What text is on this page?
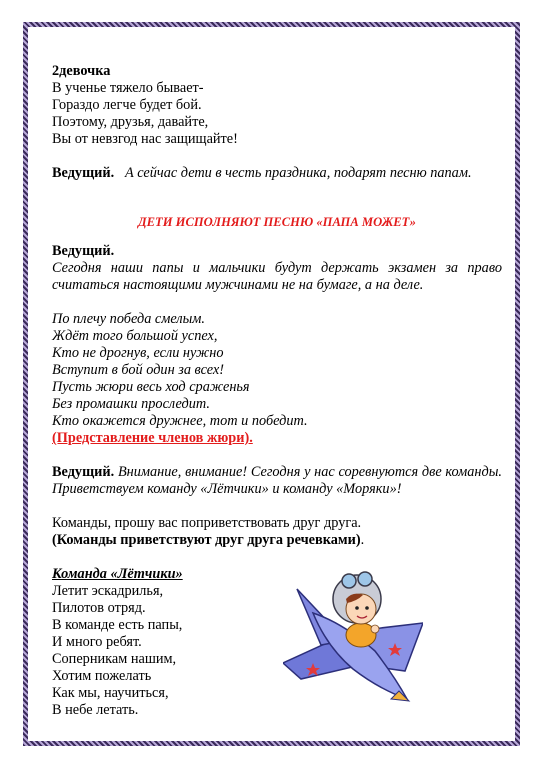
2девочка

В ученье тяжело бывает-

Гораздо легче будет бой.

Поэтому, друзья, давайте,

Вы от невзгод нас защищайте!

Ведущий. А сейчас дети в честь праздника, подарят песню папам.

ДЕТИ ИСПОЛНЯЮТ ПЕСНЮ «ПАПА МОЖЕТ»

Ведущий.

Сегодня наши папы и мальчики будут держать экзамен за право считаться настоящими мужчинами не на бумаге, а на деле.

По плечу победа смелым.

Ждёт того большой успех,

Кто не дрогнув, если нужно

Вступит в бой один за всех!

Пусть жюри весь ход сраженья

Без промашки проследит.

Кто окажется дружнее, тот и победит.

(Представление членов жюри).

Ведущий. Внимание, внимание! Сегодня у нас соревнуются две команды. Приветствуем команду «Лётчики» и команду «Моряки»!

Команды, прошу вас поприветствовать друг друга.

(Команды приветствуют друг друга речевками).

Команда «Лётчики»

Летит эскадрилья,

Пилотов отряд.

В команде есть папы,

И много ребят.

Соперникам нашим,

Хотим пожелать

Как мы, научиться,

В небе летать.
